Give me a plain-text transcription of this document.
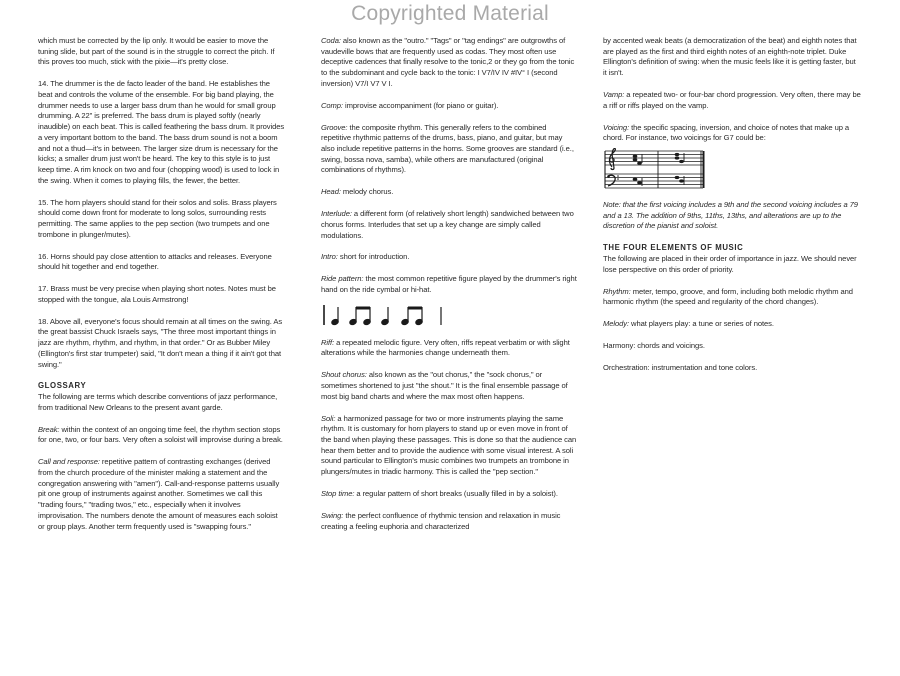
Copyrighted Material

which must be corrected by the lip only. It would be easier to move the tuning slide, but part of the sound is in the struggle to correct the pitch. If this proves too much, stick with the pixie—it's pretty close.

14. The drummer is the de facto leader of the band. He establishes the beat and controls the volume of the ensemble. For big band playing, the drummer needs to use a larger bass drum than he would for small group drumming. A 22" is preferred. The bass drum is played softly (nearly inaudible) on each beat. This is called feathering the bass drum. It provides a very important bottom to the band. The bass drum sound is not a boom and not a thud—it's in between. The larger size drum is necessary for the kicks; a smaller drum just won't be heard. The key to this style is to just keep time. A rim knock on two and four (chopping wood) is used to lock in the swing. When it comes to playing fills, the fewer, the better.

15. The horn players should stand for their solos and solis. Brass players should come down front for moderate to long solos, surrounding rests permitting. The same applies to the pep section (two trumpets and one trombone in plunger/mutes).

16. Horns should pay close attention to attacks and releases. Everyone should hit together and end together.

17. Brass must be very precise when playing short notes. Notes must be stopped with the tongue, ala Louis Armstrong!

18. Above all, everyone's focus should remain at all times on the swing. As the great bassist Chuck Israels says, "The three most important things in jazz are rhythm, rhythm, and rhythm, in that order." Or as Bubber Miley (Ellington's first star trumpeter) said, "It don't mean a thing if it ain't got that swing."

GLOSSARY

The following are terms which describe conventions of jazz performance, from traditional New Orleans to the present avant garde.

Break: within the context of an ongoing time feel, the rhythm section stops for one, two, or four bars. Very often a soloist will improvise during a break.

Call and response: repetitive pattern of contrasting exchanges (derived from the church procedure of the minister making a statement and the congregation answering with "amen"). Call-and-response patterns usually pit one group of instruments against another. Sometimes we call this "trading fours," "trading twos," etc., especially when it involves improvisation. The numbers denote the amount of measures each soloist or group plays. Another term frequently used is "swapping fours."

Coda: also known as the "outro." "Tags" or "tag endings" are outgrowths of vaudeville bows that are frequently used as codas. They most often use deceptive cadences that finally resolve to the tonic,2 or they go from the tonic to the subdominant and cycle back to the tonic: I V7/IV IV #IV° I (second inversion) V7/I V7 V I.

Comp: improvise accompaniment (for piano or guitar).

Groove: the composite rhythm. This generally refers to the combined repetitive rhythmic patterns of the drums, bass, piano, and guitar, but may also include repetitive patterns in the horns. Some grooves are standard (i.e., swing, bossa nova, samba), while others are manufactured (original combinations of rhythms).

Head: melody chorus.

Interlude: a different form (of relatively short length) sandwiched between two chorus forms. Interludes that set up a key change are simply called modulations.

Intro: short for introduction.

Ride pattern: the most common repetitive figure played by the drummer's right hand on the ride cymbal or hi-hat.

Riff: a repeated melodic figure. Very often, riffs repeat verbatim or with slight alterations while the harmonies change underneath them.

Shout chorus: also known as the "out chorus," the "sock chorus," or sometimes shortened to just "the shout." It is the final ensemble passage of most big band charts and where the max most often happens.

Soli: a harmonized passage for two or more instruments playing the same rhythm. It is customary for horn players to stand up or even move in front of the band when playing these passages. This is done so that the audience can hear them better and to provide the audience with some visual interest. A soli sound particular to Ellington's music combines two trumpets an trombone in plungers/mutes in triadic harmony. This is called the "pep section."

Stop time: a regular pattern of short breaks (usually filled in by a soloist).

Swing: the perfect confluence of rhythmic tension and relaxation in music creating a feeling euphoria and characterized

by accented weak beats (a democratization of the beat) and eighth notes that are played as the first and third eighth notes of an eighth-note triplet. Duke Ellington's definition of swing: when the music feels like it is getting faster, but it isn't.

Vamp: a repeated two- or four-bar chord progression. Very often, there may be a riff or riffs played on the vamp.

Voicing: the specific spacing, inversion, and choice of notes that make up a chord. For instance, two voicings for G7 could be:

Note: that the first voicing includes a 9th and the second voicing includes a 79 and a 13. The addition of 9ths, 11ths, 13ths, and alterations are up to the discretion of the pianist and soloist.

THE FOUR ELEMENTS OF MUSIC

The following are placed in their order of importance in jazz. We should never lose perspective on this order of priority.

Rhythm: meter, tempo, groove, and form, including both melodic rhythm and harmonic rhythm (the speed and regularity of the chord changes).

Melody: what players play: a tune or series of notes.

Harmony: chords and voicings.

Orchestration: instrumentation and tone colors.
